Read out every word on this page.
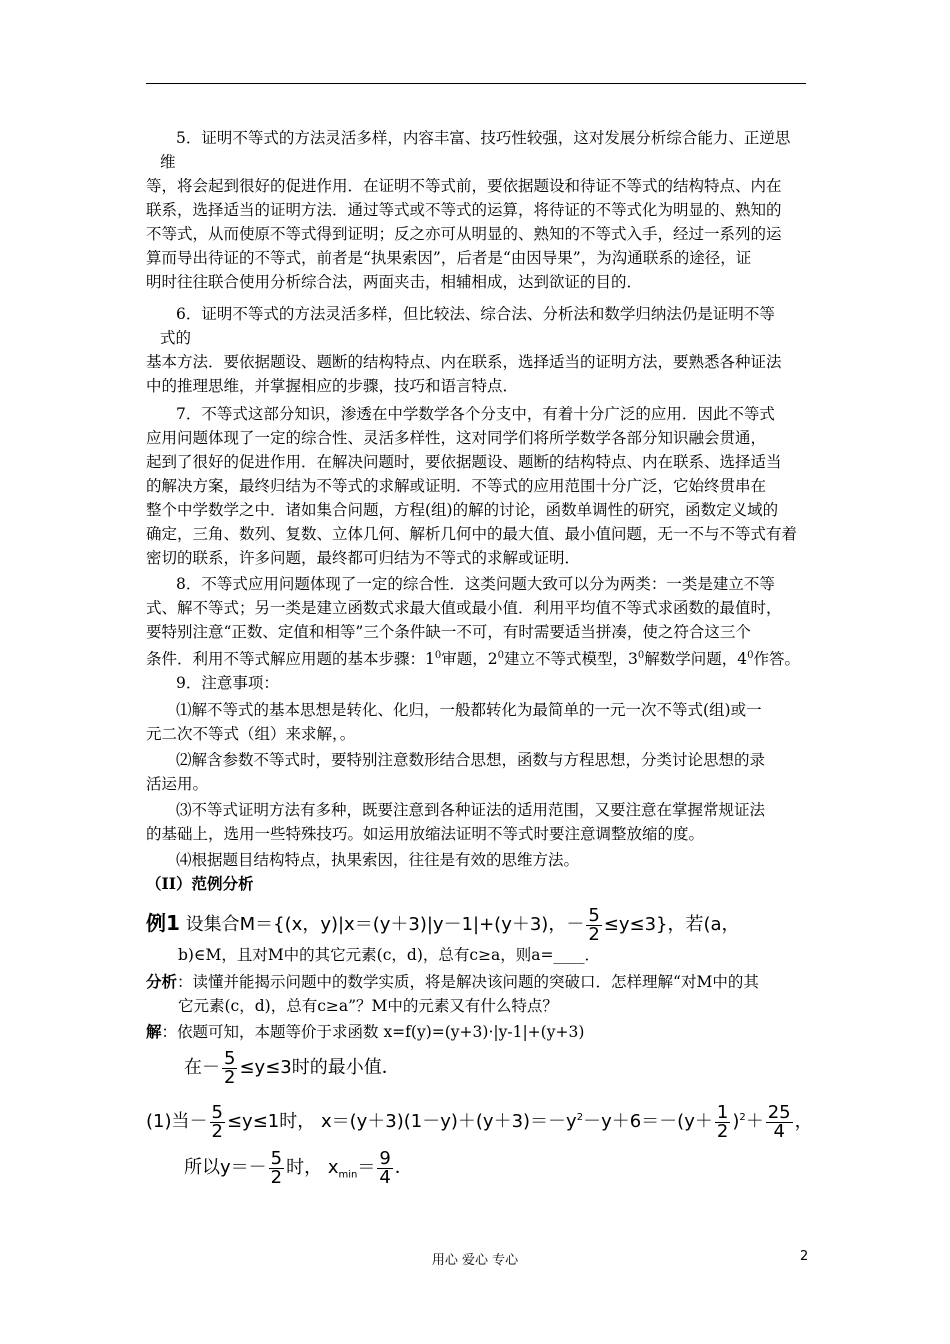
5．证明不等式的方法灵活多样，内容丰富、技巧性较强，这对发展分析综合能力、正逆思
维
等，将会起到很好的促进作用．在证明不等式前，要依据题设和待证不等式的结构特点、内在
联系，选择适当的证明方法．通过等式或不等式的运算，将待证的不等式化为明显的、熟知的
不等式，从而使原不等式得到证明；反之亦可从明显的、熟知的不等式入手，经过一系列的运
算而导出待证的不等式，前者是“执果索因”，后者是“由因导果”，为沟通联系的途径，证
明时往往联合使用分析综合法，两面夹击，相辅相成，达到欲证的目的．
6．证明不等式的方法灵活多样，但比较法、综合法、分析法和数学归纳法仍是证明不等
式的
基本方法．要依据题设、题断的结构特点、内在联系，选择适当的证明方法，要熟悉各种证法
中的推理思维，并掌握相应的步骤，技巧和语言特点．
7．不等式这部分知识，渗透在中学数学各个分支中，有着十分广泛的应用．因此不等式
应用问题体现了一定的综合性、灵活多样性，这对同学们将所学数学各部分知识融会贯通，
起到了很好的促进作用．在解决问题时，要依据题设、题断的结构特点、内在联系、选择适当
的解决方案，最终归结为不等式的求解或证明．不等式的应用范围十分广泛，它始终贯串在
整个中学数学之中．诸如集合问题，方程(组)的解的讨论，函数单调性的研究，函数定义域的
确定，三角、数列、复数、立体几何、解析几何中的最大值、最小值问题，无一不与不等式有着
密切的联系，许多问题，最终都可归结为不等式的求解或证明．
8．不等式应用问题体现了一定的综合性．这类问题大致可以分为两类：一类是建立不等
式、解不等式；另一类是建立函数式求最大值或最小值．利用平均值不等式求函数的最值时，
要特别注意“正数、定值和相等”三个条件缺一不可，有时需要适当拼凑，使之符合这三个
条件．利用不等式解应用题的基本步骤：$1^0$审题，$2^0$建立不等式模型，$3^0$解数学问题，$4^0$作答。
9．注意事项：
⑴解不等式的基本思想是转化、化归，一般都转化为最简单的一元一次不等式(组)或一
元二次不等式（组）来求解，。
⑵解含参数不等式时，要特别注意数形结合思想，函数与方程思想，分类讨论思想的录
活运用。
⑶不等式证明方法有多种，既要注意到各种证法的适用范围，又要注意在掌握常规证法
的基础上，选用一些特殊技巧。如运用放缩法证明不等式时要注意调整放缩的度。
⑷根据题目结构特点，执果索因，往往是有效的思维方法。
（II）范例分析
例1 设集合M＝{(x，y)|x＝(y＋3)|y－1|+(y＋3)，－ $\frac{5}{2} \le y\le 3$}，若(a，
b)∈M，且对M中的其它元素(c，d)，总有c≥a，则a=____．
分析：读懂并能揭示问题中的数学实质，将是解决该问题的突破口．怎样理解“对M中的其
它元素(c，d)，总有c≥a”？M中的元素又有什么特点？
解：依题可知，本题等价于求函数 x=f(y)=(y+3)·|y-1|+(y+3)
在－ $\frac{5}{2} \le y\le 3$时的最小值．
(1)当－ $\frac{5}{2} \le y\le 1$时， $x=(y+3)(1-y)+(y+3)=-y^2-y+6=-(y+ \frac{1}{2} )^2+ \frac{25}{4}$ ，
所以$y=- \frac{5}{2}$ 时， $x_{min}= \frac{9}{4}$ ．
用心 爱心 专心	2
